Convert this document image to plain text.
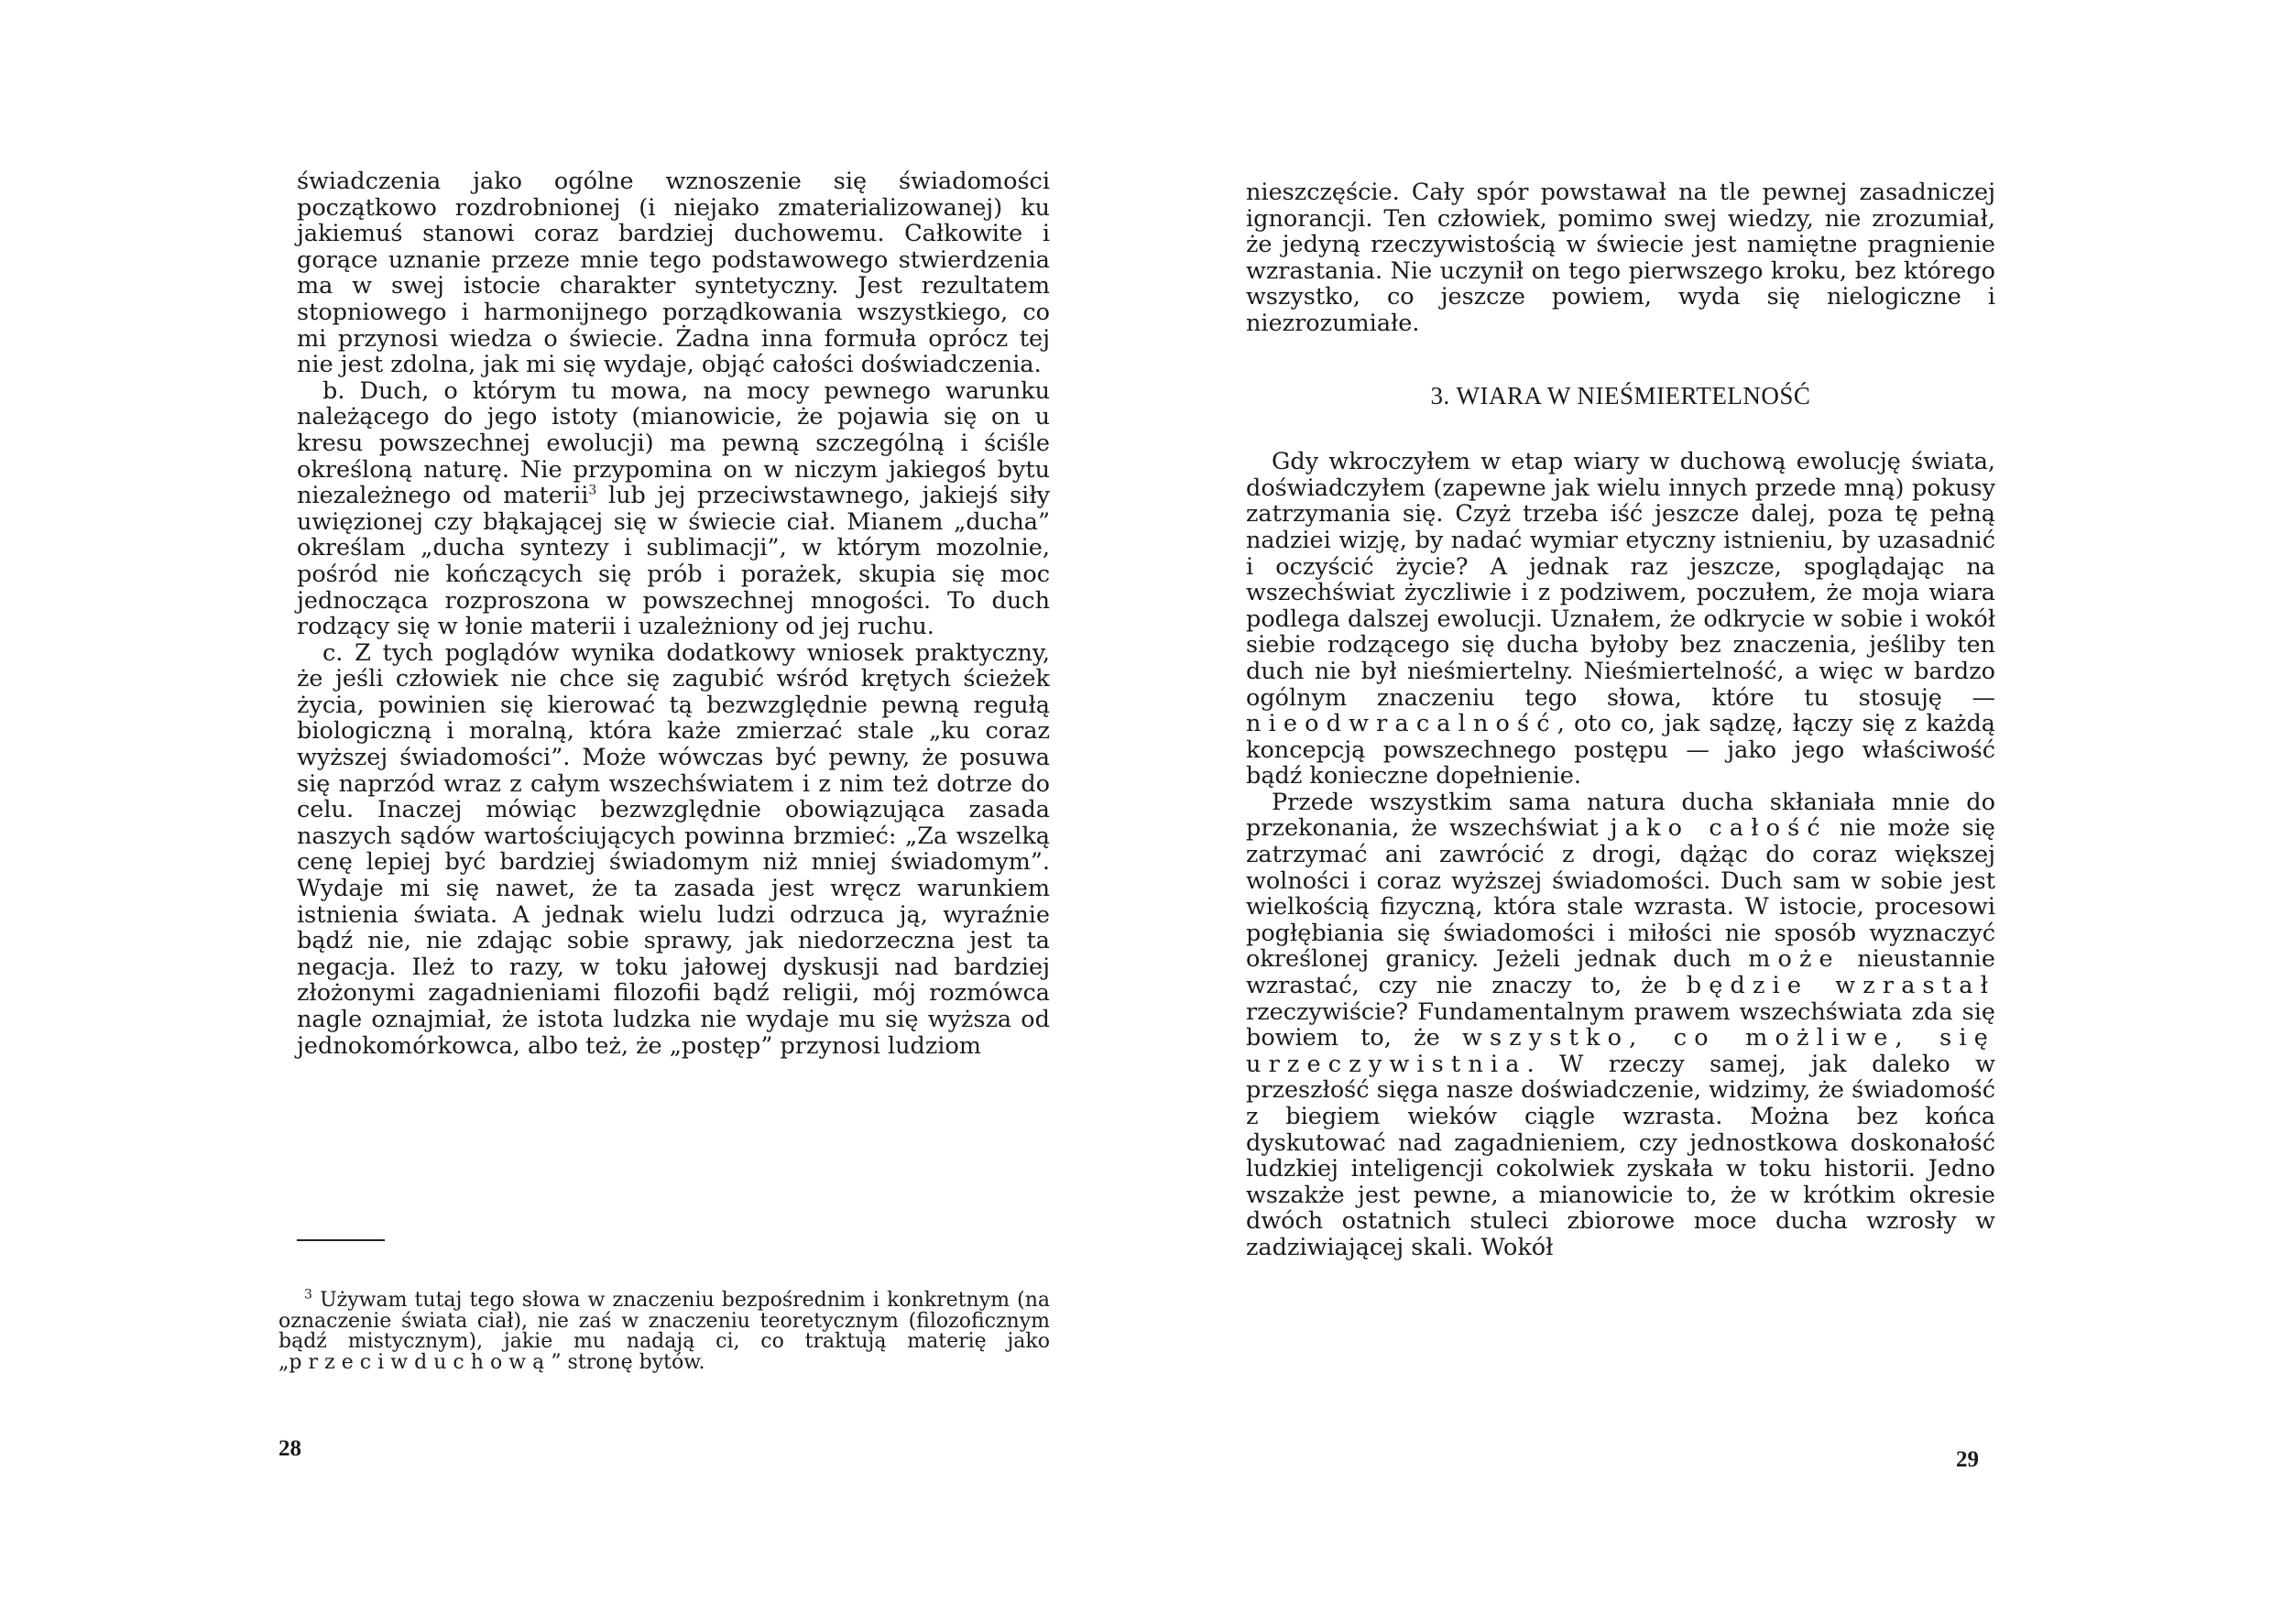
świadczenia jako ogólne wznoszenie się świadomości początkowo rozdrobnionej (i niejako zmaterializowanej) ku jakiemuś stanowi coraz bardziej duchowemu. Całkowite i gorące uznanie przeze mnie tego podstawowego stwierdzenia ma w swej istocie charakter syntetyczny. Jest rezultatem stopniowego i harmonijnego porządkowania wszystkiego, co mi przynosi wiedza o świecie. Żadna inna formuła oprócz tej nie jest zdolna, jak mi się wydaje, objąć całości doświadczenia.

b. Duch, o którym tu mowa, na mocy pewnego warunku należącego do jego istoty (mianowicie, że pojawia się on u kresu powszechnej ewolucji) ma pewną szczególną i ściśle określoną naturę. Nie przypomina on w niczym jakiegoś bytu niezależnego od materii$^3$ lub jej przeciwstawnego, jakiejś siły uwięzionej czy błąkającej się w świecie ciał. Mianem „ducha” określam „ducha syntezy i sublimacji”, w którym mozolnie, pośród nie kończących się prób i porażek, skupia się moc jednocząca rozproszona w powszechnej mnogości. To duch rodzący się w łonie materii i uzależniony od jej ruchu.

c. Z tych poglądów wynika dodatkowy wniosek praktyczny, że jeśli człowiek nie chce się zagubić wśród krętych ścieżek życia, powinien się kierować tą bezwzględnie pewną regułą biologiczną i moralną, która każe zmierzać stale „ku coraz wyższej świadomości”. Może wówczas być pewny, że posuwa się naprzód wraz z całym wszechświatem i z nim też dotrze do celu. Inaczej mówiąc bezwzględnie obowiązująca zasada naszych sądów wartościujących powinna brzmieć: „Za wszelką cenę lepiej być bardziej świadomym niż mniej świadomym”. Wydaje mi się nawet, że ta zasada jest wręcz warunkiem istnienia świata. A jednak wielu ludzi odrzuca ją, wyraźnie bądź nie, nie zdając sobie sprawy, jak niedorzeczna jest ta negacja. Ileż to razy, w toku jałowej dyskusji nad bardziej złożonymi zagadnieniami filozofii bądź religii, mój rozmówca nagle oznajmiał, że istota ludzka nie wydaje mu się wyższa od jednokomórkowca, albo też, że „postęp” przynosi ludziom

$^3$ Używam tutaj tego słowa w znaczeniu bezpośrednim i konkretnym (na oznaczenie świata ciał), nie zaś w znaczeniu teoretycznym (filozoficznym bądź mistycznym), jakie mu nadają ci, co traktują materię jako „przeciwduchową” stronę bytów.

28

nieszczęście. Cały spór powstawał na tle pewnej zasadniczej ignorancji. Ten człowiek, pomimo swej wiedzy, nie zrozumiał, że jedyną rzeczywistością w świecie jest namiętne pragnienie wzrastania. Nie uczynił on tego pierwszego kroku, bez którego wszystko, co jeszcze powiem, wyda się nielogiczne i niezrozumiałe.

3. WIARA W NIEŚMIERTELNOŚĆ

Gdy wkroczyłem w etap wiary w duchową ewolucję świata, doświadczyłem (zapewne jak wielu innych przede mną) pokusy zatrzymania się. Czyż trzeba iść jeszcze dalej, poza tę pełną nadziei wizję, by nadać wymiar etyczny istnieniu, by uzasadnić i oczyścić życie? A jednak raz jeszcze, spoglądając na wszechświat życzliwie i z podziwem, poczułem, że moja wiara podlega dalszej ewolucji. Uznałem, że odkrycie w sobie i wokół siebie rodzącego się ducha byłoby bez znaczenia, jeśliby ten duch nie był nieśmiertelny. Nieśmiertelność, a więc w bardzo ogólnym znaczeniu tego słowa, które tu stosuję — nieodwracalność, oto co, jak sądzę, łączy się z każdą koncepcją powszechnego postępu — jako jego właściwość bądź konieczne dopełnienie.

Przede wszystkim sama natura ducha skłaniała mnie do przekonania, że wszechświat jako całość nie może się zatrzymać ani zawrócić z drogi, dążąc do coraz większej wolności i coraz wyższej świadomości. Duch sam w sobie jest wielkością fizyczną, która stale wzrasta. W istocie, procesowi pogłębiania się świadomości i miłości nie sposób wyznaczyć określonej granicy. Jeżeli jednak duch może nieustannie wzrastać, czy nie znaczy to, że będzie wzrastał rzeczywiście? Fundamentalnym prawem wszechświata zda się bowiem to, że wszystko, co możliwe, się urzeczywistnia. W rzeczy samej, jak daleko w przeszłość sięga nasze doświadczenie, widzimy, że świadomość z biegiem wieków ciągle wzrasta. Można bez końca dyskutować nad zagadnieniem, czy jednostkowa doskonałość ludzkiej inteligencji cokolwiek zyskała w toku historii. Jedno wszakże jest pewne, a mianowicie to, że w krótkim okresie dwóch ostatnich stuleci zbiorowe moce ducha wzrosły w zadziwiającej skali. Wokół

29
